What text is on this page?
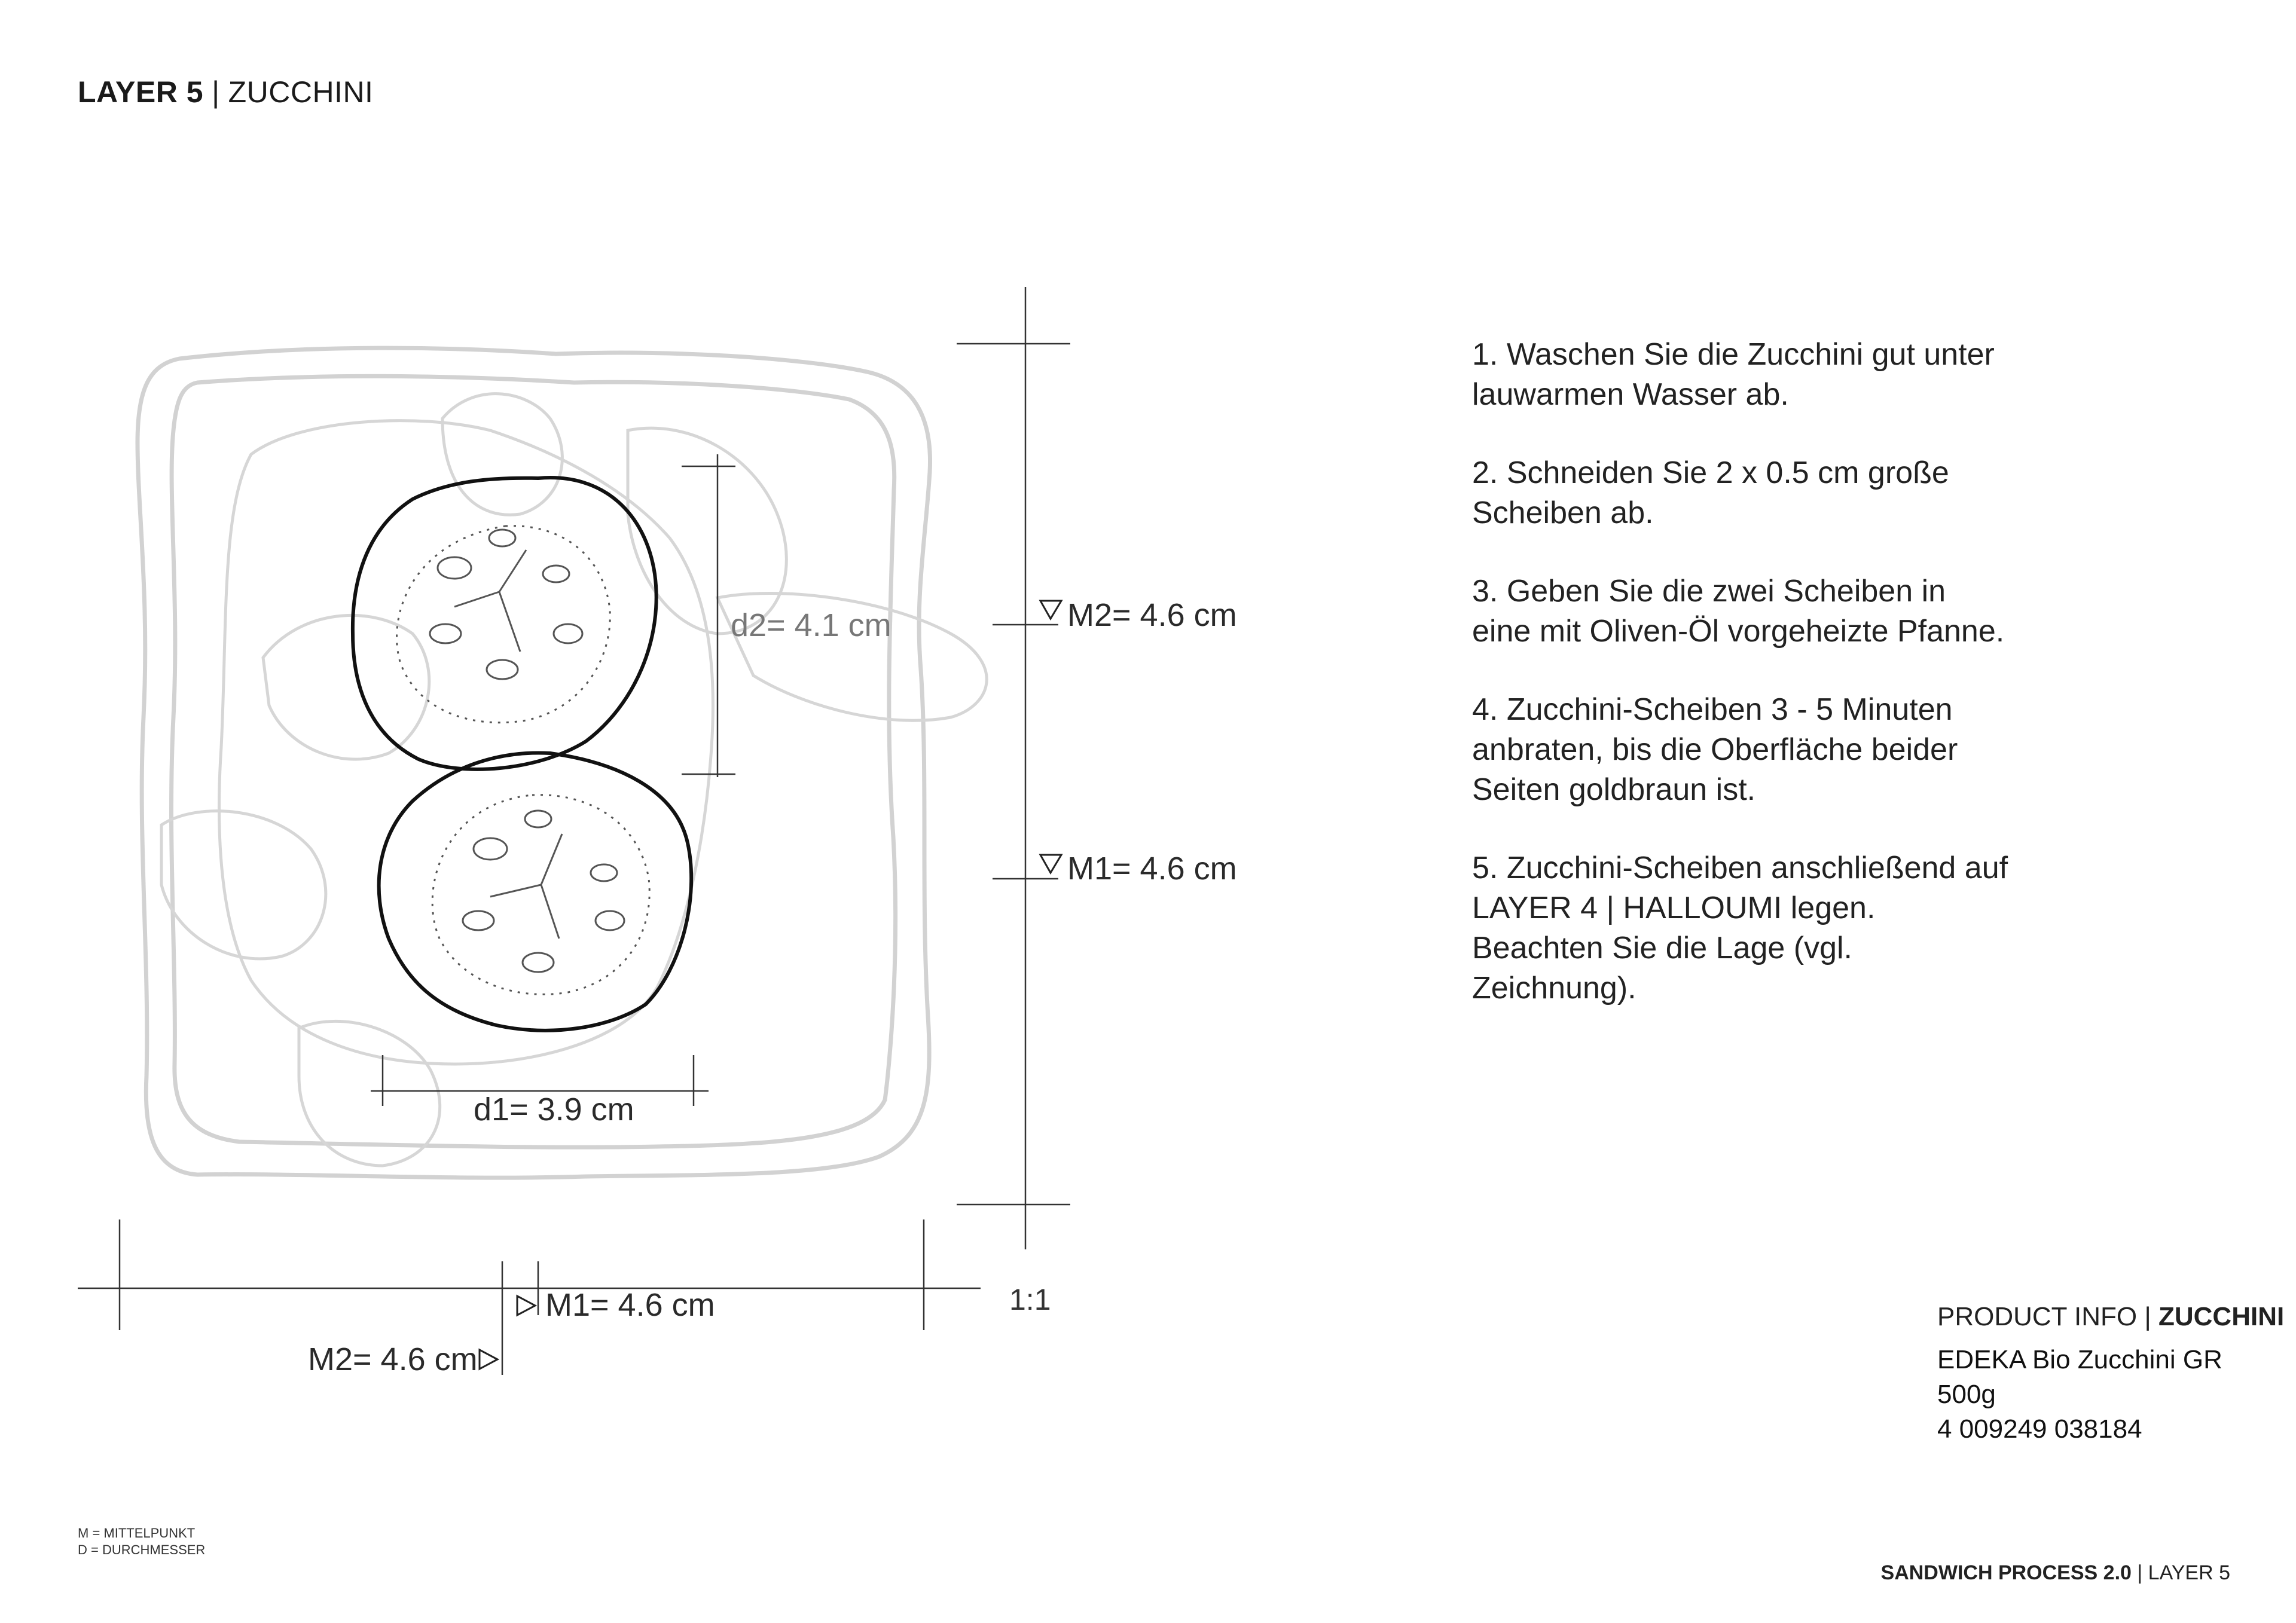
LAYER 5 | ZUCCHINI
d2= 4.1 cm
d1= 3.9 cm
M2= 4.6 cm
M1= 4.6 cm
M1= 4.6 cm
M2= 4.6 cm
1:1
1. Waschen Sie die Zucchini gut unter lauwarmen Wasser ab.
2. Schneiden Sie 2 x 0.5 cm große Scheiben ab.
3. Geben Sie die zwei Scheiben in eine mit Oliven-Öl vorgeheizte Pfanne.
4. Zucchini-Scheiben 3 - 5 Minuten anbraten, bis die Oberfläche beider Seiten goldbraun ist.
5. Zucchini-Scheiben anschließend auf LAYER 4 | HALLOUMI legen. Beachten Sie die Lage (vgl. Zeichnung).
PRODUCT INFO | ZUCCHINI
EDEKA Bio Zucchini GR
500g
4 009249 038184
M = MITTELPUNKT
D = DURCHMESSER
SANDWICH PROCESS 2.0 | LAYER 5
